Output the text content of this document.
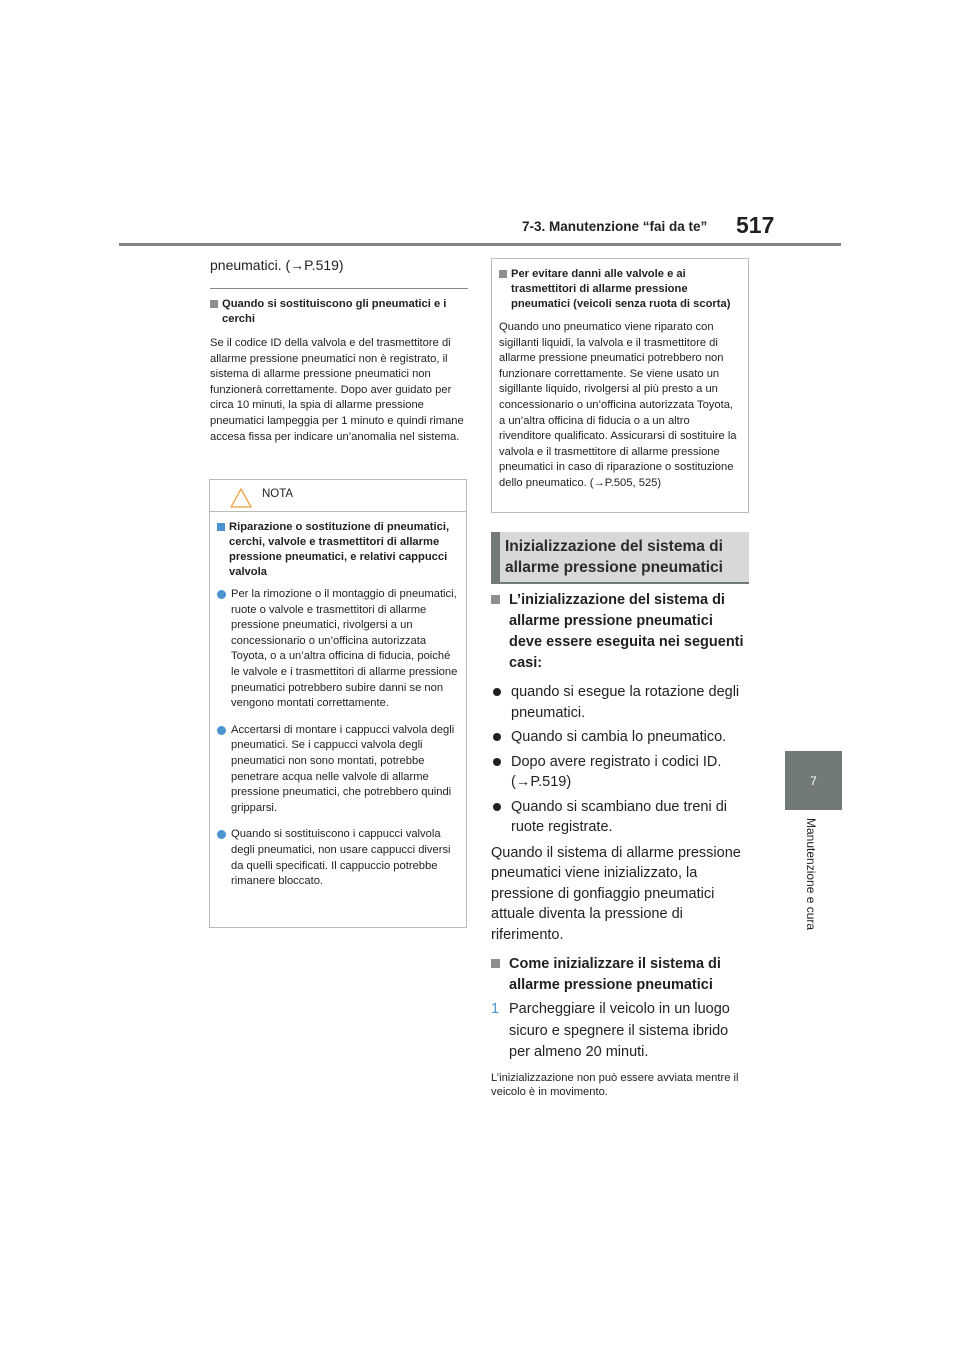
7-3. Manutenzione “fai da te” 517
7
Manutenzione e cura
pneumatici. (→P.519)
Quando si sostituiscono gli pneumatici e i cerchi
Se il codice ID della valvola e del trasmettitore di allarme pressione pneumatici non è registrato, il sistema di allarme pressione pneumatici non funzionerà correttamente. Dopo aver guidato per circa 10 minuti, la spia di allarme pressione pneumatici lampeggia per 1 minuto e quindi rimane accesa fissa per indicare un’anomalia nel sistema.
NOTA
Riparazione o sostituzione di pneumatici, cerchi, valvole e trasmettitori di allarme pressione pneumatici, e relativi cappucci valvola
Per la rimozione o il montaggio di pneumatici, ruote o valvole e trasmettitori di allarme pressione pneumatici, rivolgersi a un concessionario o un’officina autorizzata Toyota, o a un’altra officina di fiducia, poiché le valvole e i trasmettitori di allarme pressione pneumatici potrebbero subire danni se non vengono montati correttamente.
Accertarsi di montare i cappucci valvola degli pneumatici. Se i cappucci valvola degli pneumatici non sono montati, potrebbe penetrare acqua nelle valvole di allarme pressione pneumatici, che potrebbero quindi gripparsi.
Quando si sostituiscono i cappucci valvola degli pneumatici, non usare cappucci diversi da quelli specificati. Il cappuccio potrebbe rimanere bloccato.
Per evitare danni alle valvole e ai trasmettitori di allarme pressione pneumatici (veicoli senza ruota di scorta)
Quando uno pneumatico viene riparato con sigillanti liquidi, la valvola e il trasmettitore di allarme pressione pneumatici potrebbero non funzionare correttamente. Se viene usato un sigillante liquido, rivolgersi al più presto a un concessionario o un’officina autorizzata Toyota, a un’altra officina di fiducia o a un altro rivenditore qualificato. Assicurarsi di sostituire la valvola e il trasmettitore di allarme pressione pneumatici in caso di riparazione o sostituzione dello pneumatico. (→P.505, 525)
Inizializzazione del sistema di allarme pressione pneumatici
L’inizializzazione del sistema di allarme pressione pneumatici deve essere eseguita nei seguenti casi:
quando si esegue la rotazione degli pneumatici.
Quando si cambia lo pneumatico.
Dopo avere registrato i codici ID. (→P.519)
Quando si scambiano due treni di ruote registrate.
Quando il sistema di allarme pressione pneumatici viene inizializzato, la pressione di gonfiaggio pneumatici attuale diventa la pressione di riferimento.
Come inizializzare il sistema di allarme pressione pneumatici
1 Parcheggiare il veicolo in un luogo sicuro e spegnere il sistema ibrido per almeno 20 minuti.
L’inizializzazione non può essere avviata mentre il veicolo è in movimento.
